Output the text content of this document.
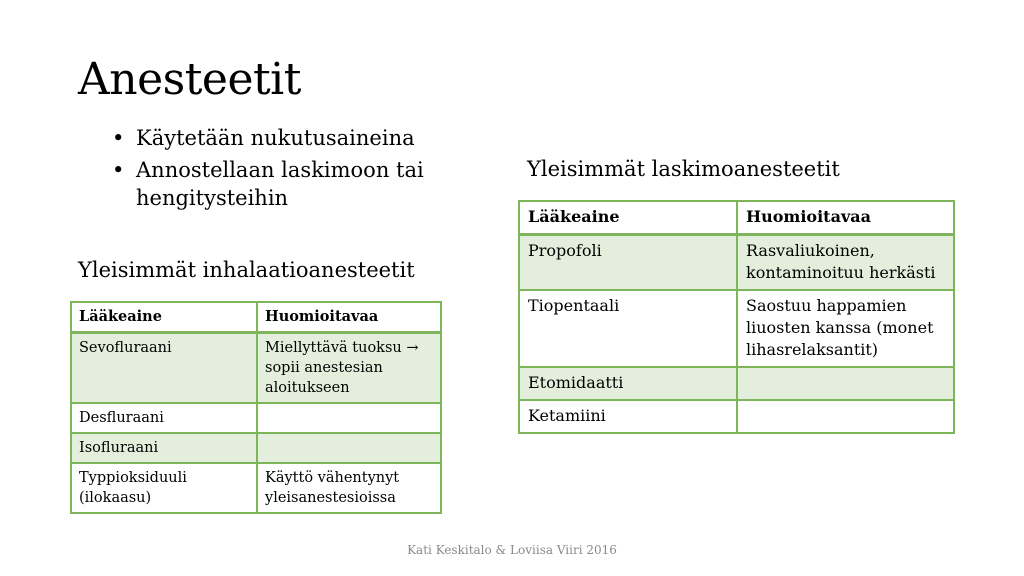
Anesteetit
• Käytetään nukutusaineina
• Annostellaan laskimoon tai hengitysteihin
Yleisimmät inhalaatioanesteetit
Lääkeaine	Huomioitavaa
Sevofluraani	Miellyttävä tuoksu → sopii anestesian aloitukseen
Desfluraani	
Isofluraani	
Typpioksiduuli (ilokaasu)	Käyttö vähentynyt yleisanestesioissa
Yleisimmät laskimoanesteetit
Lääkeaine	Huomioitavaa
Propofoli	Rasvaliukoinen, kontaminoituu herkästi
Tiopentaali	Saostuu happamien liuosten kanssa (monet lihasrelaksantit)
Etomidaatti	
Ketamiini	
Kati Keskitalo & Loviisa Viiri 2016
